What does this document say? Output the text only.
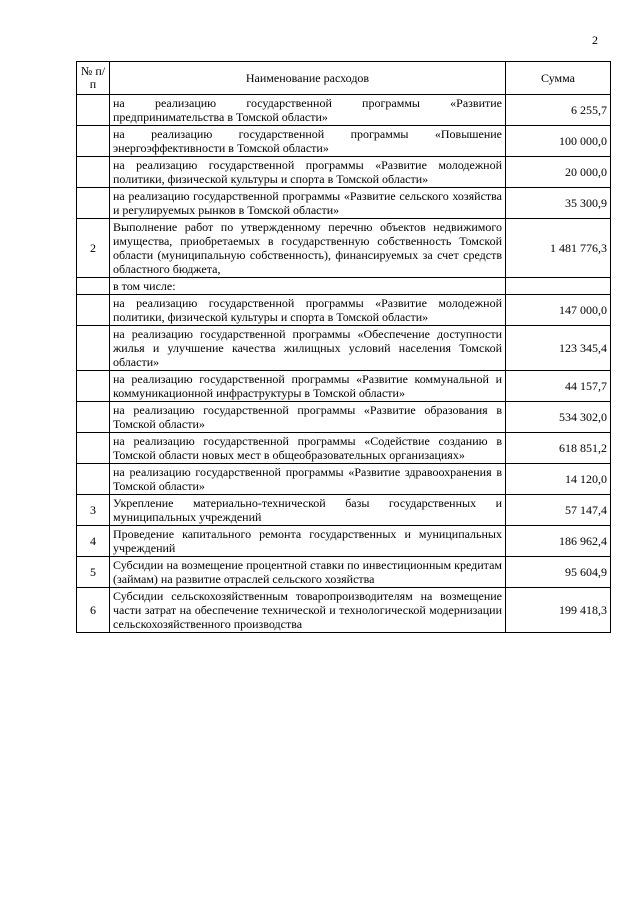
2
№ п/п	Наименование расходов	Сумма
	на реализацию государственной программы «Развитие предпринимательства в Томской области»	6 255,7
	на реализацию государственной программы «Повышение энергоэффективности в Томской области»	100 000,0
	на реализацию государственной программы «Развитие молодежной политики, физической культуры и спорта в Томской области»	20 000,0
	на реализацию государственной программы «Развитие сельского хозяйства и регулируемых рынков в Томской области»	35 300,9
2	Выполнение работ по утвержденному перечню объектов недвижимого имущества, приобретаемых в государственную собственность Томской области (муниципальную собственность), финансируемых за счет средств областного бюджета,	1 481 776,3
	в том числе:	
	на реализацию государственной программы «Развитие молодежной политики, физической культуры и спорта в Томской области»	147 000,0
	на реализацию государственной программы «Обеспечение доступности жилья и улучшение качества жилищных условий населения Томской области»	123 345,4
	на реализацию государственной программы «Развитие коммунальной и коммуникационной инфраструктуры в Томской области»	44 157,7
	на реализацию государственной программы «Развитие образования в Томской области»	534 302,0
	на реализацию государственной программы «Содействие созданию в Томской области новых мест в общеобразовательных организациях»	618 851,2
	на реализацию государственной программы «Развитие здравоохранения в Томской области»	14 120,0
3	Укрепление материально-технической базы государственных и муниципальных учреждений	57 147,4
4	Проведение капитального ремонта государственных и муниципальных учреждений	186 962,4
5	Субсидии на возмещение процентной ставки по инвестиционным кредитам (займам) на развитие отраслей сельского хозяйства	95 604,9
6	Субсидии сельскохозяйственным товаропроизводителям на возмещение части затрат на обеспечение технической и технологической модернизации сельскохозяйственного производства	199 418,3
